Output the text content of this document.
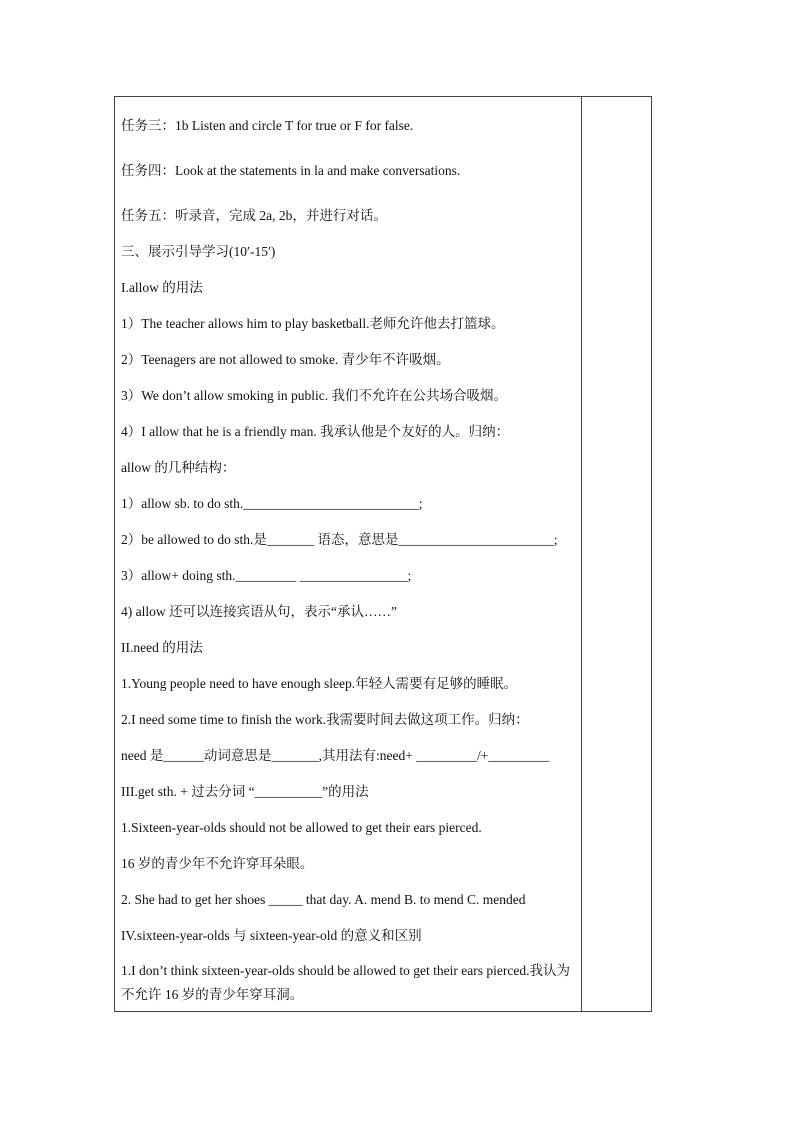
任务三：1b Listen and circle T for true or F for false.
任务四：Look at the statements in la and make conversations.
任务五：听录音，完成 2a, 2b，并进行对话。
三、展示引导学习(10′-15′)
I.allow 的用法
1）The teacher allows him to play basketball.老师允许他去打篮球。
2）Teenagers are not allowed to smoke. 青少年不许吸烟。
3）We don’t allow smoking in public. 我们不允许在公共场合吸烟。
4）I allow that he is a friendly man. 我承认他是个友好的人。归纳：
allow 的几种结构：
1）allow sb. to do sth.__________________________;
2）be allowed to do sth.是_______ 语态，意思是_______________________;
3）allow+ doing sth._________ ________________;
4) allow 还可以连接宾语从句，表示“承认……”
II.need 的用法
1.Young people need to have enough sleep.年轻人需要有足够的睡眠。
2.I need some time to finish the work.我需要时间去做这项工作。归纳：
need 是______动词意思是_______,其用法有:need+ _________/+_________
III.get sth. + 过去分词 “__________”的用法
1.Sixteen-year-olds should not be allowed to get their ears pierced.
16 岁的青少年不允许穿耳朵眼。
2. She had to get her shoes _____ that day. A. mend B. to mend C. mended
IV.sixteen-year-olds 与 sixteen-year-old 的意义和区别
1.I don’t think sixteen-year-olds should be allowed to get their ears pierced.我认为不允许 16 岁的青少年穿耳洞。
